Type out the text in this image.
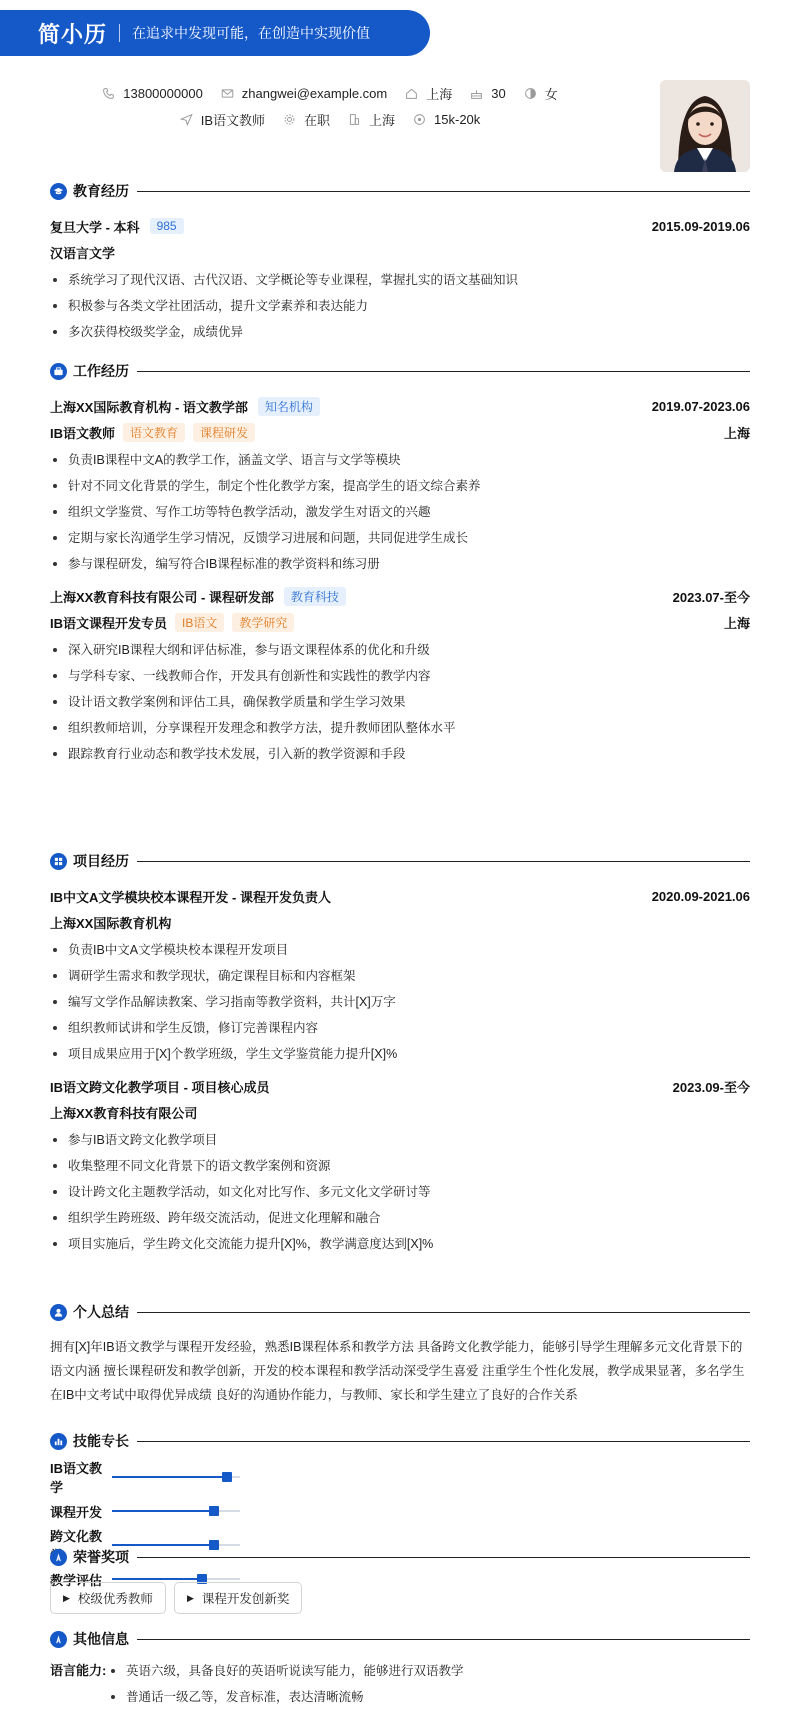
简小历 在追求中发现可能，在创造中实现价值
13800000000	zhangwei@example.com	上海	30	女
IB语文教师	在职	上海	15k-20k
教育经历
复旦大学 - 本科	985	2015.09-2019.06
汉语言文学
系统学习了现代汉语、古代汉语、文学概论等专业课程，掌握扎实的语文基础知识
积极参与各类文学社团活动，提升文学素养和表达能力
多次获得校级奖学金，成绩优异
工作经历
上海XX国际教育机构 - 语文教学部	知名机构	2019.07-2023.06
IB语文教师	语文教育	课程研发	上海
负责IB课程中文A的教学工作，涵盖文学、语言与文学等模块
针对不同文化背景的学生，制定个性化教学方案，提高学生的语文综合素养
组织文学鉴赏、写作工坊等特色教学活动，激发学生对语文的兴趣
定期与家长沟通学生学习情况，反馈学习进展和问题，共同促进学生成长
参与课程研发，编写符合IB课程标准的教学资料和练习册
上海XX教育科技有限公司 - 课程研发部	教育科技	2023.07-至今
IB语文课程开发专员	IB语文	教学研究	上海
深入研究IB课程大纲和评估标准，参与语文课程体系的优化和升级
与学科专家、一线教师合作，开发具有创新性和实践性的教学内容
设计语文教学案例和评估工具，确保教学质量和学生学习效果
组织教师培训，分享课程开发理念和教学方法，提升教师团队整体水平
跟踪教育行业动态和教学技术发展，引入新的教学资源和手段
项目经历
IB中文A文学模块校本课程开发 - 课程开发负责人	2020.09-2021.06
上海XX国际教育机构
负责IB中文A文学模块校本课程开发项目
调研学生需求和教学现状，确定课程目标和内容框架
编写文学作品解读教案、学习指南等教学资料，共计[X]万字
组织教师试讲和学生反馈，修订完善课程内容
项目成果应用于[X]个教学班级，学生文学鉴赏能力提升[X]%
IB语文跨文化教学项目 - 项目核心成员	2023.09-至今
上海XX教育科技有限公司
参与IB语文跨文化教学项目
收集整理不同文化背景下的语文教学案例和资源
设计跨文化主题教学活动，如文化对比写作、多元文化文学研讨等
组织学生跨班级、跨年级交流活动，促进文化理解和融合
项目实施后，学生跨文化交流能力提升[X]%，教学满意度达到[X]%
个人总结

拥有[X]年IB语文教学与课程开发经验，熟悉IB课程体系和教学方法 具备跨文化教学能力，能够引导学生理解多元文化背景下的语文内涵 擅长课程研发和教学创新，开发的校本课程和教学活动深受学生喜爱 注重学生个性化发展，教学成果显著，多名学生在IB中文考试中取得优异成绩 良好的沟通协作能力，与教师、家长和学生建立了良好的合作关系

技能专长
IB语文教学
课程开发
跨文化教
教学评估
荣誉奖项
▶ 校级优秀教师	▶ 课程开发创新奖
其他信息
语言能力:	英语六级，具备良好的英语听说读写能力，能够进行双语教学
普通话一级乙等，发音标准，表达清晰流畅
